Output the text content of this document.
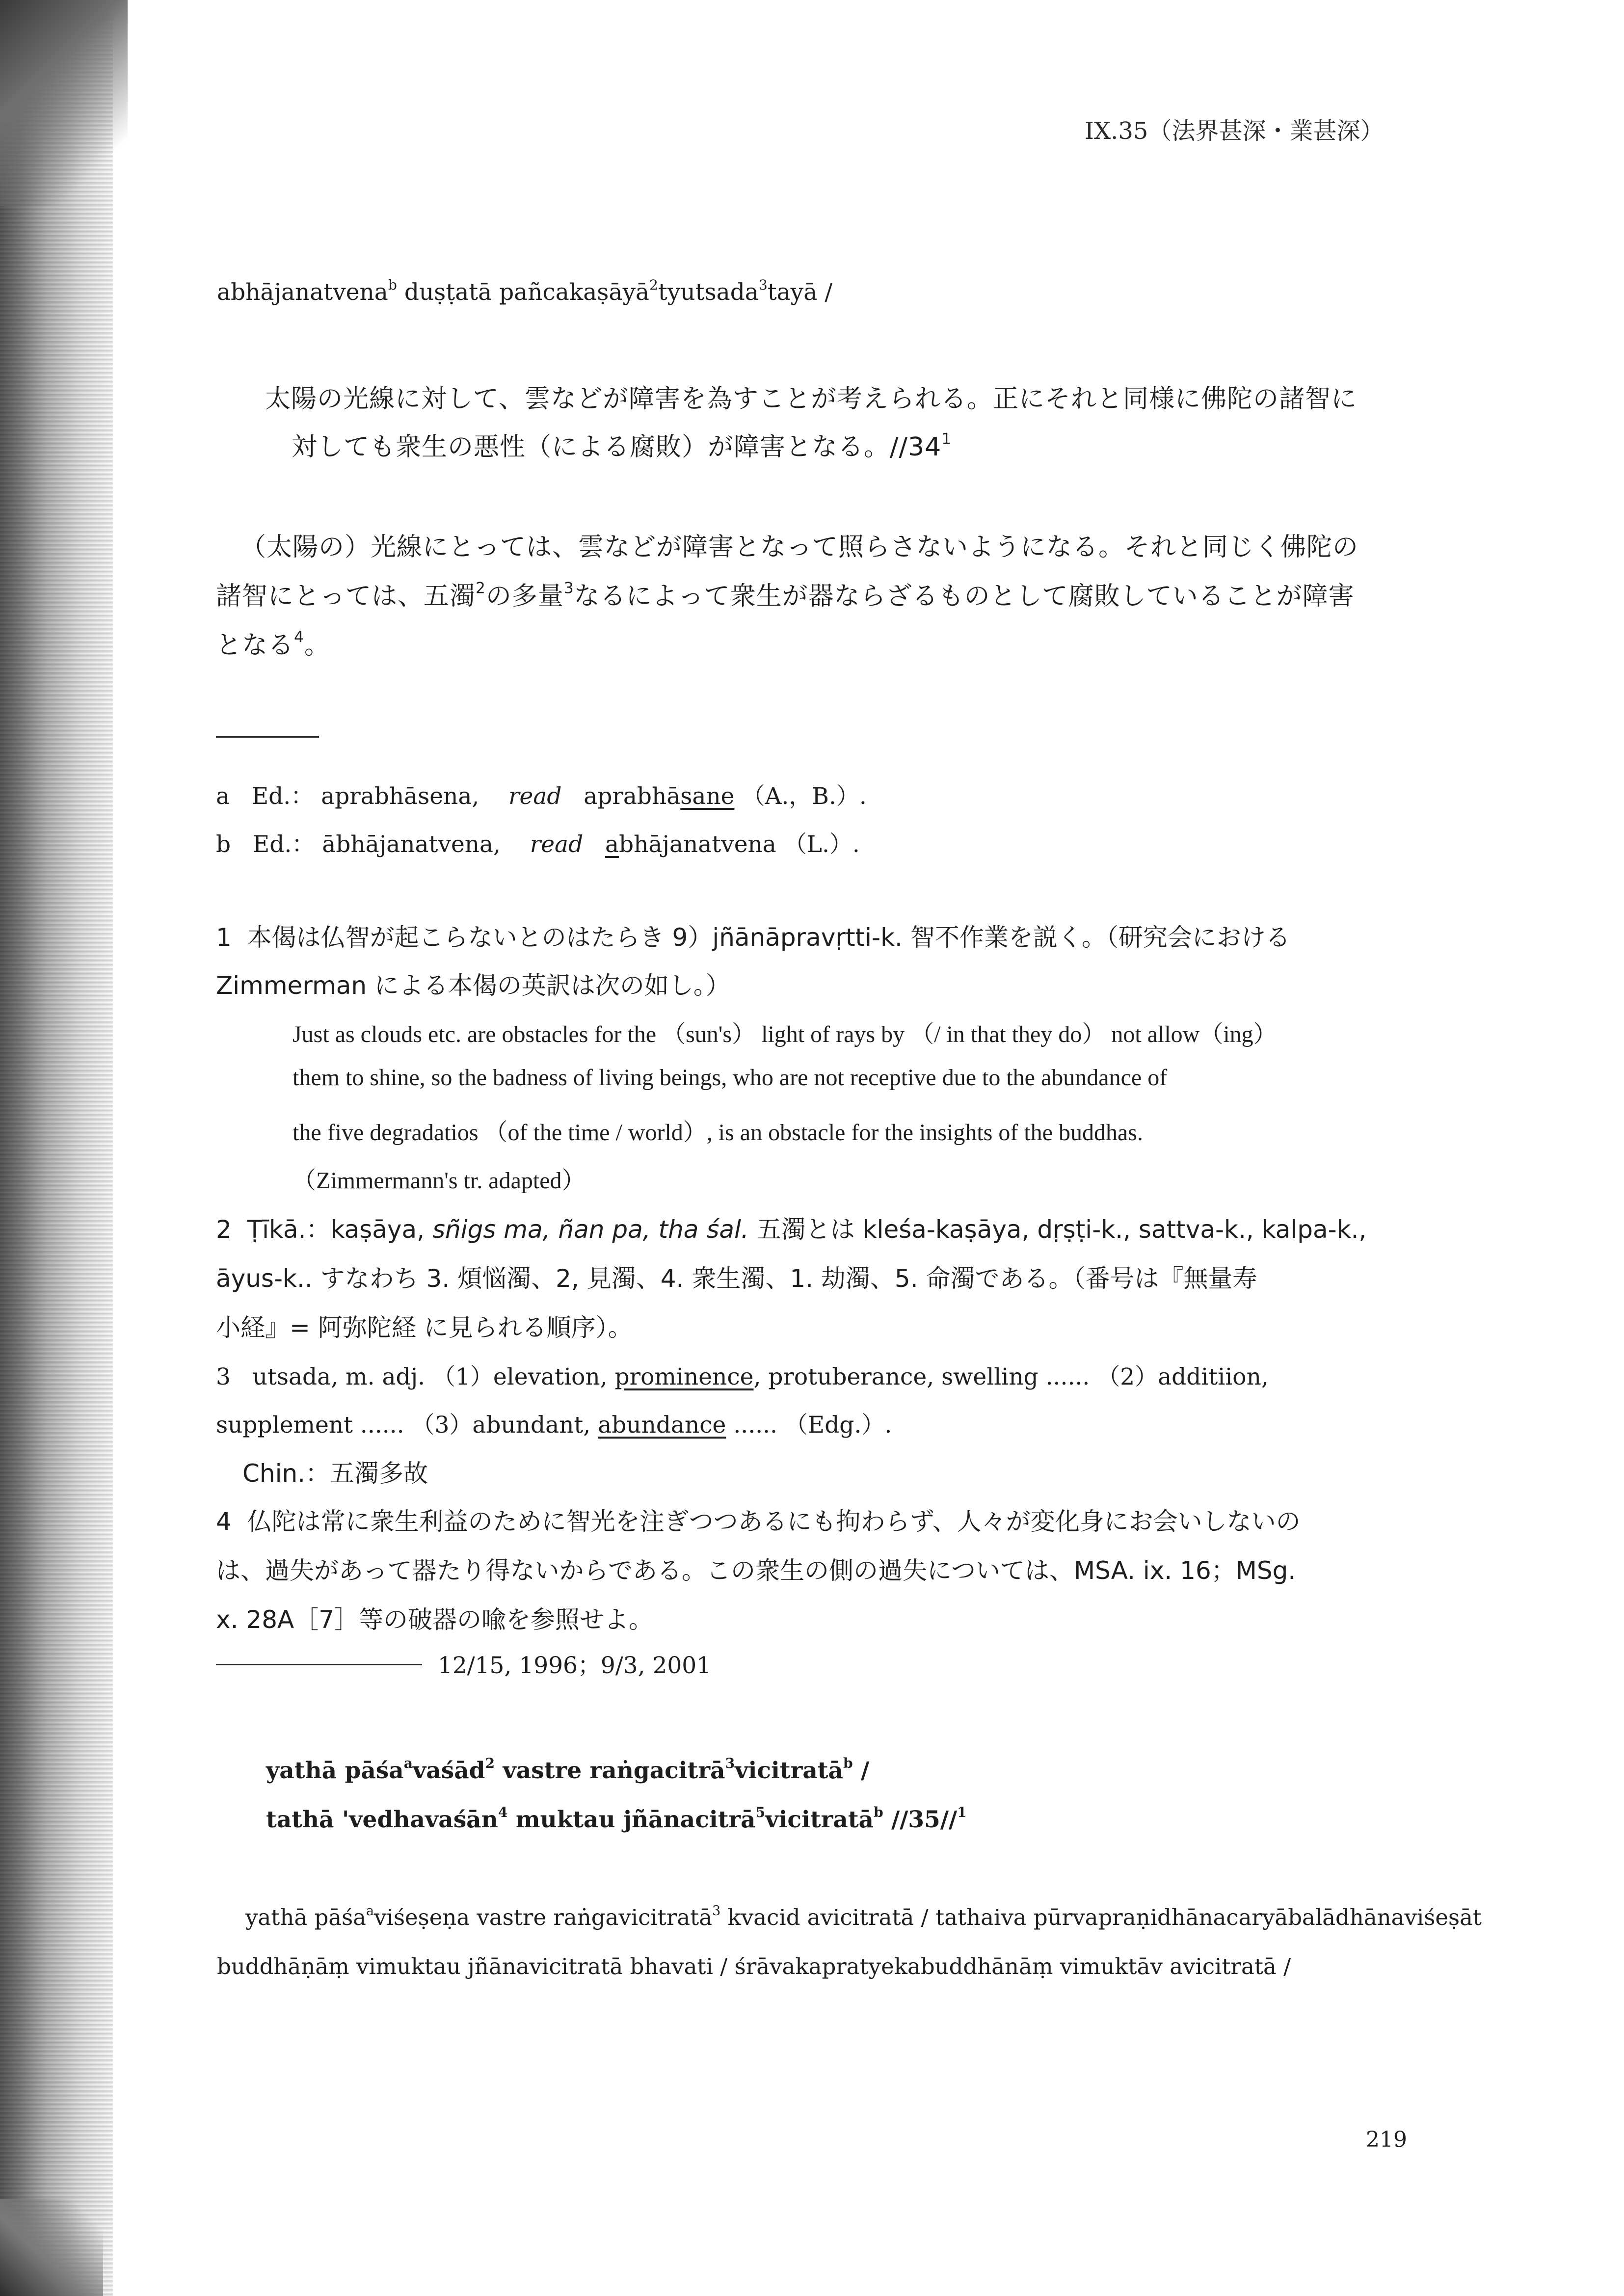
IX.35（法界甚深・業甚深）
abhājanatvena$^b$ duṣṭatā pañcakaṣāyā$^2$tyutsada$^3$tayā /
太陽の光線に対して、雲などが障害を為すことが考えられる。正にそれと同様に佛陀の諸智に
対しても衆生の悪性（による腐敗）が障害となる。$//34^1$
（太陽の）光線にとっては、雲などが障害となって照らさないようになる。それと同じく佛陀の
諸智にとっては、五濁$^2$の多量$^3$なるによって衆生が器ならざるものとして腐敗していることが障害
となる$^4$。
a Ed.： aprabhāsena, read aprabhāsane （A.，B.）.
b Ed.： ābhājanatvena, read abhājanatvena （L.）.
1 本偈は仏智が起こらないとのはたらき 9）jñānāpravṛtti-k. 智不作業を説く。（研究会における
Zimmerman による本偈の英訳は次の如し。）
Just as clouds etc. are obstacles for the （sun's） light of rays by （/ in that they do） not allow（ing）
them to shine, so the badness of living beings, who are not receptive due to the abundance of
the five degradatios （of the time / world）, is an obstacle for the insights of the buddhas.
（Zimmermann's tr. adapted）
2 Ṭīkā.：kaṣāya, sñigs ma, ñan pa, tha śal. 五濁とは kleśa-kaṣāya, dṛṣṭi-k., sattva-k., kalpa-k.,
āyus-k.. すなわち 3. 煩悩濁、2, 見濁、4. 衆生濁、1. 劫濁、5. 命濁である。（番号は『無量寿
小経』= 阿弥陀経 に見られる順序）。
3 utsada, m. adj. （1）elevation, prominence, protuberance, swelling ...... （2）additiion,
supplement ...... （3）abundant, abundance ...... （Edg.）.
Chin.：五濁多故
4 仏陀は常に衆生利益のために智光を注ぎつつあるにも拘わらず、人々が変化身にお会いしないの
は、過失があって器たり得ないからである。この衆生の側の過失については、MSA. ix. 16；MSg.
x. 28A［7］等の破器の喩を参照せよ。
12/15, 1996；9/3, 2001
yathā pāśa$^a$vaśād$^2$ vastre raṅgacitrā$^3$vicitratā$^b$ /
tathā 'vedhavaśān$^4$ muktau jñānacitrā$^5$vicitratā$^b$ //35//$^1$
yathā pāśa$^a$viśeṣeṇa vastre raṅgavicitratā$^3$ kvacid avicitratā / tathaiva pūrvapraṇidhānacaryābalādhānaviśeṣāt
buddhāṇāṃ vimuktau jñānavicitratā bhavati / śrāvakapratyekabuddhānāṃ vimuktāv avicitratā /
219
